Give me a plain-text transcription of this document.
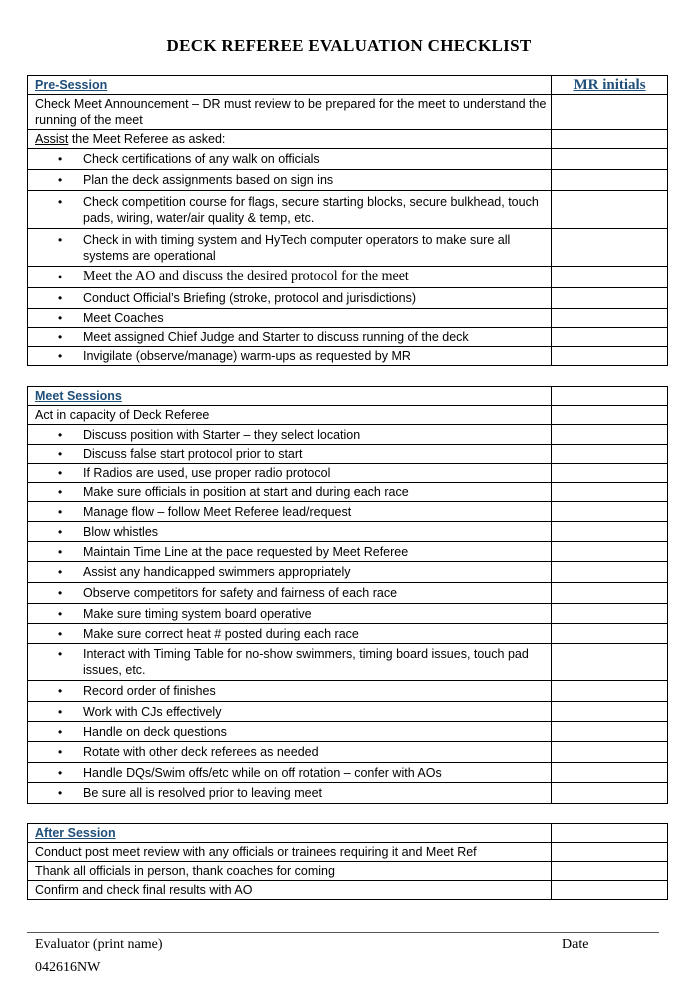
DECK REFEREE EVALUATION CHECKLIST
Pre-Session	MR initials

Check Meet Announcement – DR must review to be prepared for the meet to understand the running of the meet	

Assist the Meet Referee as asked:	

• Check certifications of any walk on officials

• Plan the deck assignments based on sign ins

• Check competition course for flags, secure starting blocks, secure bulkhead, touch pads, wiring, water/air quality & temp, etc.

• Check in with timing system and HyTech computer operators to make sure all systems are operational

• Meet the AO and discuss the desired protocol for the meet

• Conduct Official’s Briefing (stroke, protocol and jurisdictions)

• Meet Coaches

• Meet assigned Chief Judge and Starter to discuss running of the deck

• Invigilate (observe/manage) warm-ups as requested by MR

Meet Sessions	

Act in capacity of Deck Referee	

• Discuss position with Starter – they select location

• Discuss false start protocol prior to start

• If Radios are used, use proper radio protocol

• Make sure officials in position at start and during each race

• Manage flow – follow Meet Referee lead/request

• Blow whistles

• Maintain Time Line at the pace requested by Meet Referee

• Assist any handicapped swimmers appropriately

• Observe competitors for safety and fairness of each race

• Make sure timing system board operative

• Make sure correct heat # posted during each race

• Interact with Timing Table for no-show swimmers, timing board issues, touch pad issues, etc.

• Record order of finishes

• Work with CJs effectively

• Handle on deck questions

• Rotate with other deck referees as needed

• Handle DQs/Swim offs/etc while on off rotation – confer with AOs

• Be sure all is resolved prior to leaving meet

After Session	

Conduct post meet review with any officials or trainees requiring it and Meet Ref	

Thank all officials in person, thank coaches for coming	

Confirm and check final results with AO	

Evaluator (print name)	Date
042616NW
